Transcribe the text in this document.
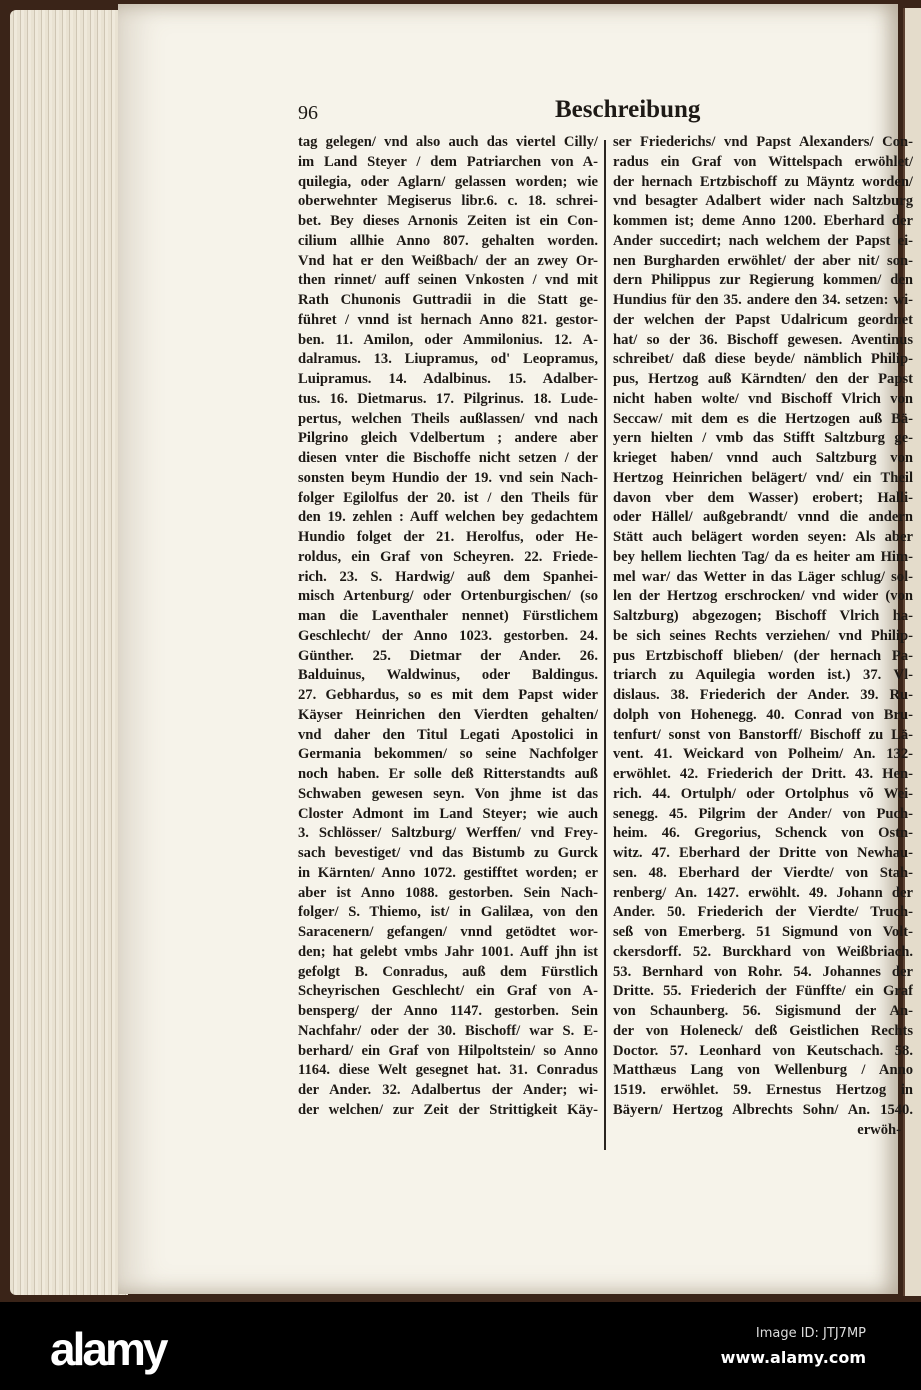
96	Beschreibung
tag gelegen/ vnd also auch das viertel Cilly/
im Land Steyer / dem Patriarchen von A-
quilegia, oder Aglarn/ gelassen worden; wie
oberwehnter Megiserus libr.6. c. 18. schrei-
bet. Bey dieses Arnonis Zeiten ist ein Con-
cilium allhie Anno 807. gehalten worden.
Vnd hat er den Weißbach/ der an zwey Or-
then rinnet/ auff seinen Vnkosten / vnd mit
Rath Chunonis Guttradii in die Statt ge-
führet / vnnd ist hernach Anno 821. gestor-
ben. 11. Amilon, oder Ammilonius. 12. A-
dalramus. 13. Liupramus, od' Leopramus,
Luipramus. 14. Adalbinus. 15. Adalber-
tus. 16. Dietmarus. 17. Pilgrinus. 18. Lude-
pertus, welchen Theils außlassen/ vnd nach
Pilgrino gleich Vdelbertum ; andere aber
diesen vnter die Bischoffe nicht setzen / der
sonsten beym Hundio der 19. vnd sein Nach-
folger Egilolfus der 20. ist / den Theils für
den 19. zehlen : Auff welchen bey gedachtem
Hundio folget der 21. Herolfus, oder He-
roldus, ein Graf von Scheyren. 22. Friede-
rich. 23. S. Hardwig/ auß dem Spanhei-
misch Artenburg/ oder Ortenburgischen/ (so
man die Laventhaler nennet) Fürstlichem
Geschlecht/ der Anno 1023. gestorben. 24.
Günther. 25. Dietmar der Ander. 26.
Balduinus, Waldwinus, oder Baldingus.
27. Gebhardus, so es mit dem Papst wider
Käyser Heinrichen den Vierdten gehalten/
vnd daher den Titul Legati Apostolici in
Germania bekommen/ so seine Nachfolger
noch haben. Er solle deß Ritterstandts auß
Schwaben gewesen seyn. Von jhme ist das
Closter Admont im Land Steyer; wie auch
3. Schlösser/ Saltzburg/ Werffen/ vnd Frey-
sach bevestiget/ vnd das Bistumb zu Gurck
in Kärnten/ Anno 1072. gestifftet worden; er
aber ist Anno 1088. gestorben. Sein Nach-
folger/ S. Thiemo, ist/ in Galilæa, von den
Saracenern/ gefangen/ vnnd getödtet wor-
den; hat gelebt vmbs Jahr 1001. Auff jhn ist
gefolgt B. Conradus, auß dem Fürstlich
Scheyrischen Geschlecht/ ein Graf von A-
bensperg/ der Anno 1147. gestorben. Sein
Nachfahr/ oder der 30. Bischoff/ war S. E-
berhard/ ein Graf von Hilpoltstein/ so Anno
1164. diese Welt gesegnet hat. 31. Conradus
der Ander. 32. Adalbertus der Ander; wi-
der welchen/ zur Zeit der Strittigkeit Käy-
ser Friederichs/ vnd Papst Alexanders/ Con-
radus ein Graf von Wittelspach erwöhlet/
der hernach Ertzbischoff zu Mäyntz worden/
vnd besagter Adalbert wider nach Saltzburg
kommen ist; deme Anno 1200. Eberhard der
Ander succedirt; nach welchem der Papst ei-
nen Burgharden erwöhlet/ der aber nit/ son-
dern Philippus zur Regierung kommen/ den
Hundius für den 35. andere den 34. setzen: wi-
der welchen der Papst Udalricum geordnet
hat/ so der 36. Bischoff gewesen. Aventinus
schreibet/ daß diese beyde/ nämblich Philip-
pus, Hertzog auß Kärndten/ den der Papst
nicht haben wolte/ vnd Bischoff Vlrich von
Seccaw/ mit dem es die Hertzogen auß Bä-
yern hielten / vmb das Stifft Saltzburg ge-
krieget haben/ vnnd auch Saltzburg von
Hertzog Heinrichen belägert/ vnd/ ein Theil
davon vber dem Wasser) erobert; Halli-
oder Hällel/ außgebrandt/ vnnd die andern
Stätt auch belägert worden seyen: Als aber
bey hellem liechten Tag/ da es heiter am Him-
mel war/ das Wetter in das Läger schlug/ sol-
len der Hertzog erschrocken/ vnd wider (von
Saltzburg) abgezogen; Bischoff Vlrich ha-
be sich seines Rechts verziehen/ vnd Philip-
pus Ertzbischoff blieben/ (der hernach Pa-
triarch zu Aquilegia worden ist.) 37. Vl-
dislaus. 38. Friederich der Ander. 39. Ru-
dolph von Hohenegg. 40. Conrad von Bru-
tenfurt/ sonst von Banstorff/ Bischoff zu Lä-
vent. 41. Weickard von Polheim/ An. 132-
erwöhlet. 42. Friederich der Dritt. 43. Hen-
rich. 44. Ortulph/ oder Ortolphus võ Wei-
senegg. 45. Pilgrim der Ander/ von Puch-
heim. 46. Gregorius, Schenck von Ostn-
witz. 47. Eberhard der Dritte von Newhau-
sen. 48. Eberhard der Vierdte/ von Stah-
renberg/ An. 1427. erwöhlt. 49. Johann der
Ander. 50. Friederich der Vierdte/ Truch-
seß von Emerberg. 51 Sigmund von Volt-
ckersdorff. 52. Burckhard von Weißbriach.
53. Bernhard von Rohr. 54. Johannes der
Dritte. 55. Friederich der Fünffte/ ein Graf
von Schaunberg. 56. Sigismund der An-
der von Holeneck/ deß Geistlichen Rechts
Doctor. 57. Leonhard von Keutschach. 58.
Matthæus Lang von Wellenburg / Anno
1519. erwöhlet. 59. Ernestus Hertzog in
Bäyern/ Hertzog Albrechts Sohn/ An. 1540.
erwöh-
alamy	Image ID: JTJ7MP
www.alamy.com
